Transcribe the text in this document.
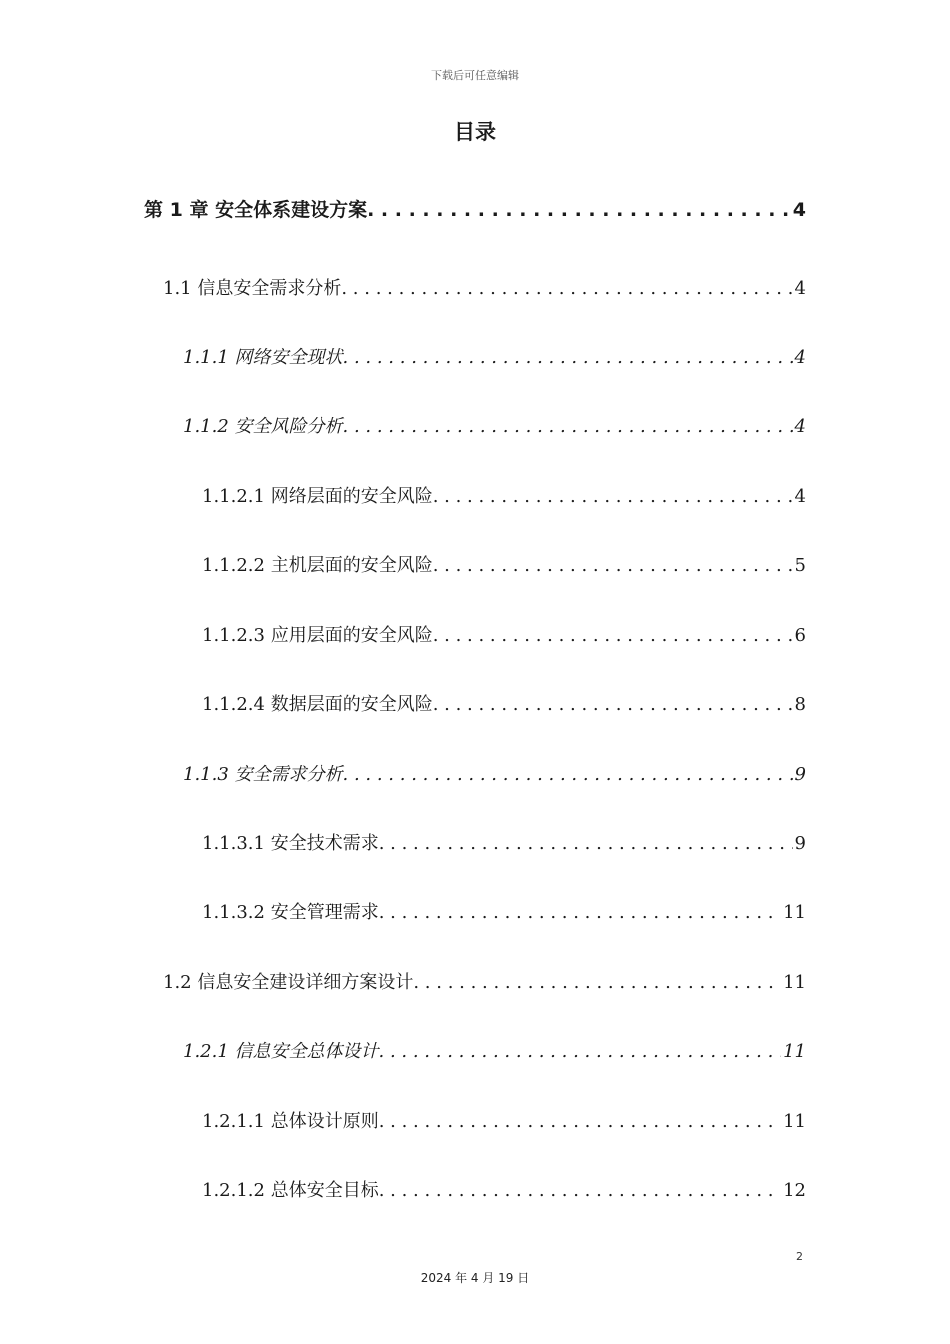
下载后可任意编辑
目录
第 1 章 安全体系建设方案 . . .	4
1.1 信息安全需求分析 . . .	4
1.1.1 网络安全现状 . . .	4
1.1.2 安全风险分析 . . .	4
1.1.2.1 网络层面的安全风险 . . .	4
1.1.2.2 主机层面的安全风险 . . .	5
1.1.2.3 应用层面的安全风险 . . .	6
1.1.2.4 数据层面的安全风险 . . .	8
1.1.3 安全需求分析 . . .	9
1.1.3.1 安全技术需求 . . .	9
1.1.3.2 安全管理需求 . . .	11
1.2 信息安全建设详细方案设计 . . .	11
1.2.1 信息安全总体设计 . . .	11
1.2.1.1 总体设计原则 . . .	11
1.2.1.2 总体安全目标 . . .	12
2
2024 年 4 月 19 日
